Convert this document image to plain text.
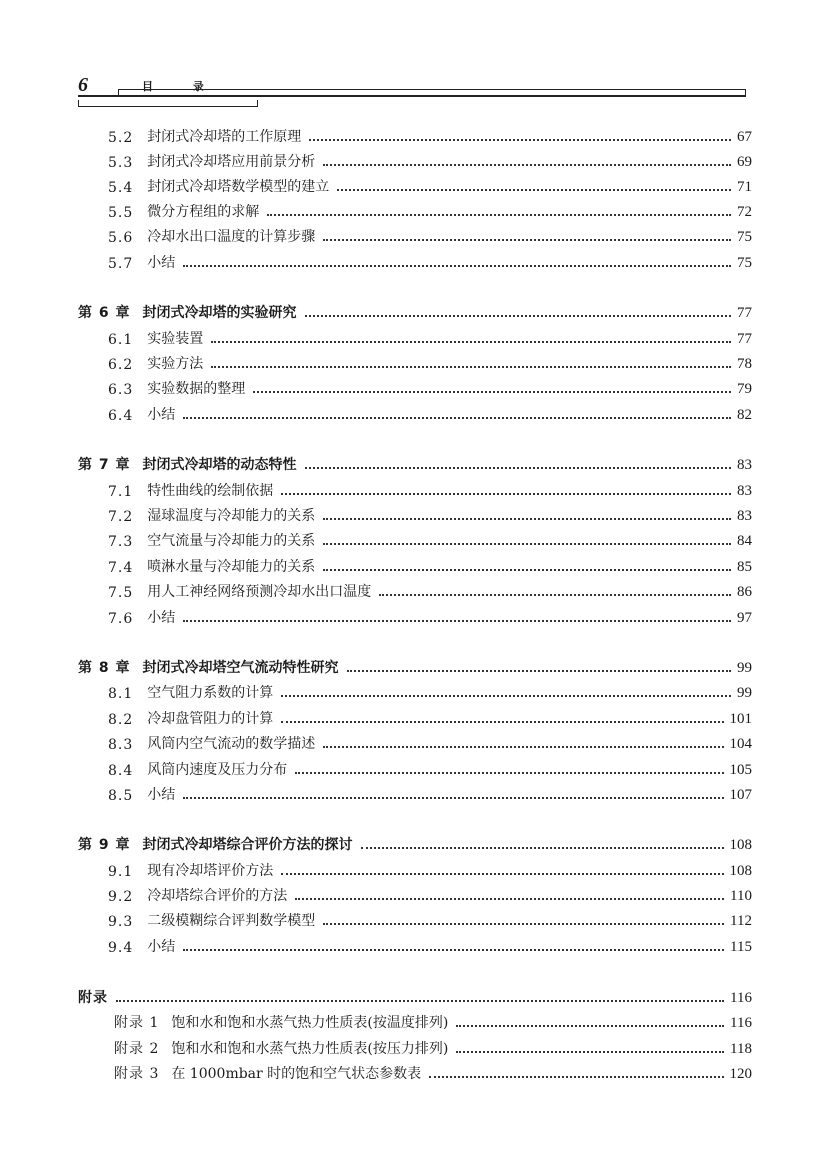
6	目 录
5.2 封闭式冷却塔的工作原理	67
5.3 封闭式冷却塔应用前景分析	69
5.4 封闭式冷却塔数学模型的建立	71
5.5 微分方程组的求解	72
5.6 冷却水出口温度的计算步骤	75
5.7 小结	75
第 6 章 封闭式冷却塔的实验研究	77
6.1 实验装置	77
6.2 实验方法	78
6.3 实验数据的整理	79
6.4 小结	82
第 7 章 封闭式冷却塔的动态特性	83
7.1 特性曲线的绘制依据	83
7.2 湿球温度与冷却能力的关系	83
7.3 空气流量与冷却能力的关系	84
7.4 喷淋水量与冷却能力的关系	85
7.5 用人工神经网络预测冷却水出口温度	86
7.6 小结	97
第 8 章 封闭式冷却塔空气流动特性研究	99
8.1 空气阻力系数的计算	99
8.2 冷却盘管阻力的计算	101
8.3 风筒内空气流动的数学描述	104
8.4 风筒内速度及压力分布	105
8.5 小结	107
第 9 章 封闭式冷却塔综合评价方法的探讨	108
9.1 现有冷却塔评价方法	108
9.2 冷却塔综合评价的方法	110
9.3 二级模糊综合评判数学模型	112
9.4 小结	115
附录	116
附录 1 饱和水和饱和水蒸气热力性质表(按温度排列)	116
附录 2 饱和水和饱和水蒸气热力性质表(按压力排列)	118
附录 3 在 1000mbar 时的饱和空气状态参数表	120
